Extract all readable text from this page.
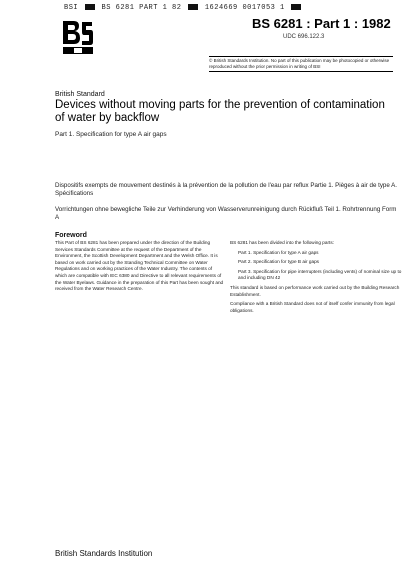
BSI	BS 6281 PART 1 82	1624669 0017053 1
BS 6281 : Part 1 : 1982
UDC 696.122.3
© British Standards Institution. No part of this publication may be photocopied or otherwise reproduced without the prior permission in writing of BSI
British Standard
Devices without moving parts for the prevention of contamination of water by backflow
Part 1. Specification for type A air gaps
Dispositifs exempts de mouvement destinés à la prévention de la pollution de l'eau par reflux Partie 1. Pièges à air de type A. Spécifications
Vorrichtungen ohne bewegliche Teile zur Verhinderung von Wasserverunreinigung durch Rückfluß Teil 1. Rohrtrennung Form A
Foreword

This Part of BS 6281 has been prepared under the direction of the Building Services Standards Committee at the request of the Department of the Environment, the Scottish Development Department and the Welsh Office. It is based on work carried out by the Standing Technical Committee on Water Regulations and on working practices of the Water Industry. The contents of which are compatible with IEC 6380 and Directive to all relevant requirements of the Water Byelaws. Guidance in the preparation of this Part has been sought and received from the Water Research Centre.

BS 6281 has been divided into the following parts:

Part 1. Specification for type A air gaps

Part 2. Specification for type B air gaps

Part 3. Specification for pipe interrupters (including vents) of nominal size up to and including DN 42

This standard is based on performance work carried out by the Building Research Establishment.

Compliance with a British Standard does not of itself confer immunity from legal obligations.

British Standards Institution
